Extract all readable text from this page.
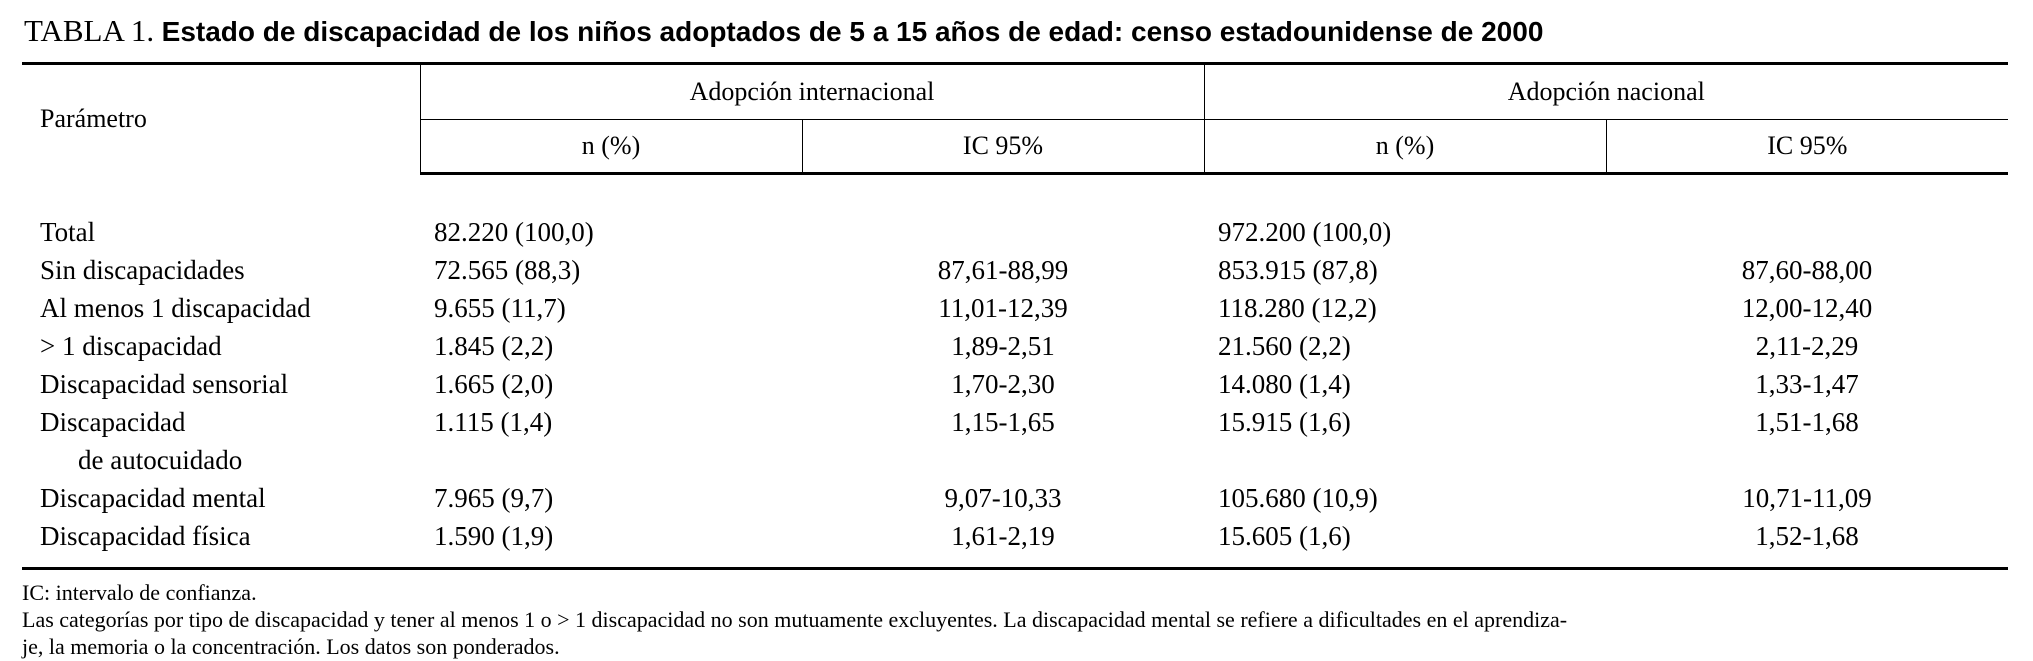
TABLA 1. Estado de discapacidad de los niños adoptados de 5 a 15 años de edad: censo estadounidense de 2000
Parámetro	Adopción internacional		Adopción nacional	
	n (%)	IC 95%	n (%)	IC 95%

Total	82.220 (100,0)		972.200 (100,0)	
Sin discapacidades	72.565 (88,3)	87,61-88,99	853.915 (87,8)	87,60-88,00
Al menos 1 discapacidad	9.655 (11,7)	11,01-12,39	118.280 (12,2)	12,00-12,40
> 1 discapacidad	1.845 (2,2)	1,89-2,51	21.560 (2,2)	2,11-2,29
Discapacidad sensorial	1.665 (2,0)	1,70-2,30	14.080 (1,4)	1,33-1,47
Discapacidad	1.115 (1,4)	1,15-1,65	15.915 (1,6)	1,51-1,68
de autocuidado				
Discapacidad mental	7.965 (9,7)	9,07-10,33	105.680 (10,9)	10,71-11,09
Discapacidad física	1.590 (1,9)	1,61-2,19	15.605 (1,6)	1,52-1,68

IC: intervalo de confianza.

Las categorías por tipo de discapacidad y tener al menos 1 o > 1 discapacidad no son mutuamente excluyentes. La discapacidad mental se refiere a dificultades en el aprendiza-

je, la memoria o la concentración. Los datos son ponderados.
